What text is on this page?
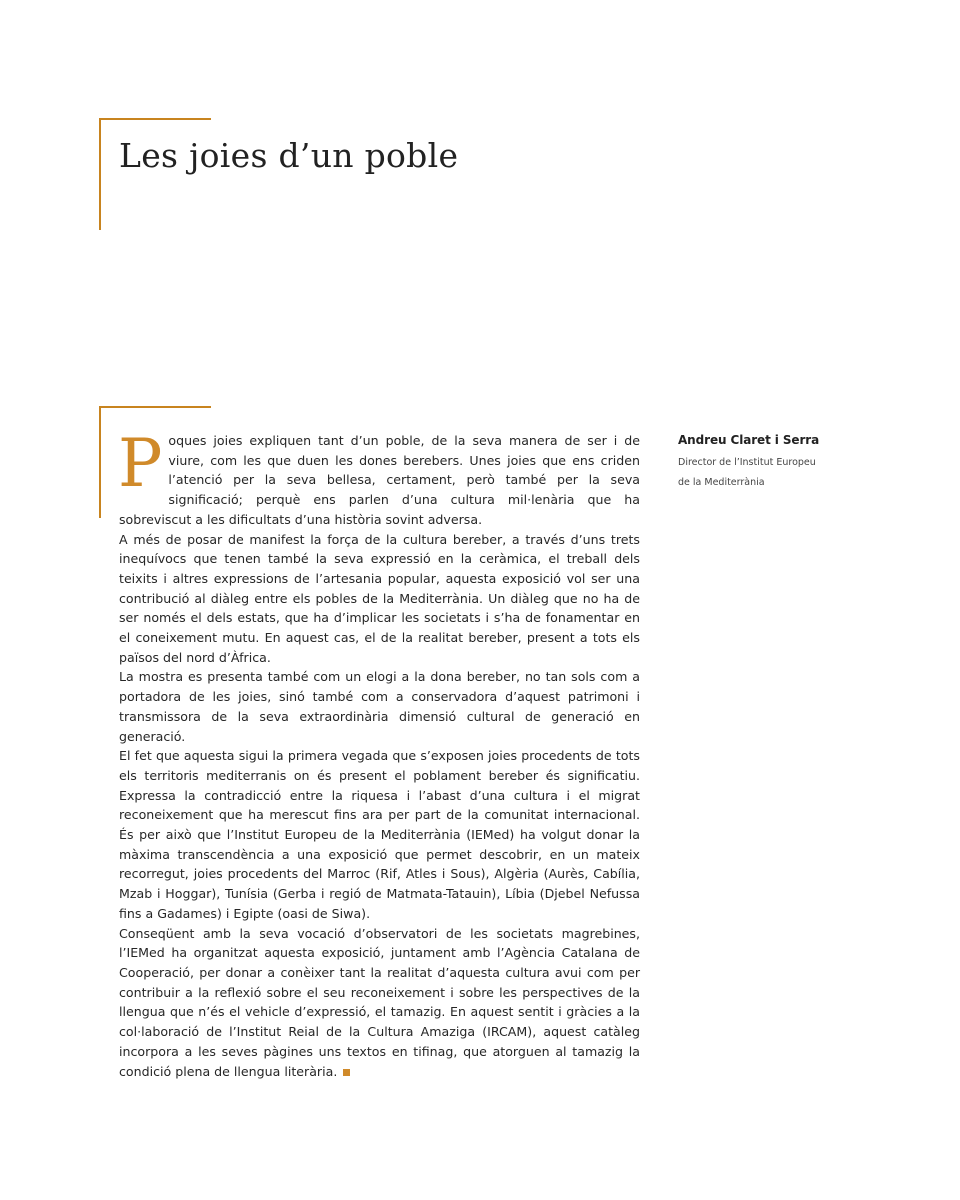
Les joies d’un poble

Poques joies expliquen tant d’un poble, de la seva manera de ser i de viure, com les que duen les dones berebers. Unes joies que ens criden l’atenció per la seva bellesa, certament, però també per la seva significació; perquè ens parlen d’una cultura mil·lenària que ha sobreviscut a les dificultats d’una història sovint adversa.

A més de posar de manifest la força de la cultura bereber, a través d’uns trets inequívocs que tenen també la seva expressió en la ceràmica, el treball dels teixits i altres expressions de l’artesania popular, aquesta exposició vol ser una contribució al diàleg entre els pobles de la Mediterrània. Un diàleg que no ha de ser només el dels estats, que ha d’implicar les societats i s’ha de fonamentar en el coneixement mutu. En aquest cas, el de la realitat bereber, present a tots els països del nord d’Àfrica.

La mostra es presenta també com un elogi a la dona bereber, no tan sols com a portadora de les joies, sinó també com a conservadora d’aquest patrimoni i transmissora de la seva extraordinària dimensió cultural de generació en generació.

El fet que aquesta sigui la primera vegada que s’exposen joies procedents de tots els territoris mediterranis on és present el poblament bereber és significatiu. Expressa la contradicció entre la riquesa i l’abast d’una cultura i el migrat reconeixement que ha merescut fins ara per part de la comunitat internacional. És per això que l’Institut Europeu de la Mediterrània (IEMed) ha volgut donar la màxima transcendència a una exposició que permet descobrir, en un mateix recorregut, joies procedents del Marroc (Rif, Atles i Sous), Algèria (Aurès, Cabília, Mzab i Hoggar), Tunísia (Gerba i regió de Matmata-Tatauin), Líbia (Djebel Nefussa fins a Gadames) i Egipte (oasi de Siwa).

Conseqüent amb la seva vocació d’observatori de les societats magrebines, l’IEMed ha organitzat aquesta exposició, juntament amb l’Agència Catalana de Cooperació, per donar a conèixer tant la realitat d’aquesta cultura avui com per contribuir a la reflexió sobre el seu reconeixement i sobre les perspectives de la llengua que n’és el vehicle d’expressió, el tamazig. En aquest sentit i gràcies a la col·laboració de l’Institut Reial de la Cultura Amaziga (IRCAM), aquest catàleg incorpora a les seves pàgines uns textos en tifinag, que atorguen al tamazig la condició plena de llengua literària.

Andreu Claret i Serra
Director de l’Institut Europeu
de la Mediterrània
